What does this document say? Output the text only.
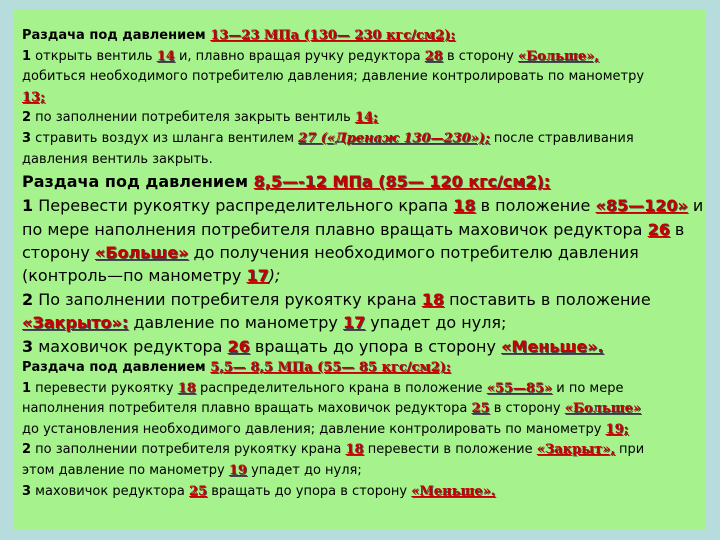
Раздача под давлением 13—23 МПа (130— 230 кгс/см2):
1 открыть вентиль 14 и, плавно вращая ручку редуктора 28 в сторону «Больше»,
добиться необходимого потребителю давления; давление контролировать по манометру
13;
2 по заполнении потребителя закрыть вентиль 14;
3 стравить воздух из шланга вентилем 27 («Дренаж 130—230»); после стравливания
давления вентиль закрыть.
Раздача под давлением 8,5—-12 МПа (85— 120 кгс/см2):
1 Перевести рукоятку распределительного крапа 18 в положение «85—120» и
по мере наполнения потребителя плавно вращать маховичок редуктора 26 в
сторону «Больше» до получения необходимого потребителю давления
(контроль—по манометру 17);
2 По заполнении потребителя рукоятку крана 18 поставить в положение
«Закрыто»: давление по манометру 17 упадет до нуля;
3 маховичок редуктора 26 вращать до упора в сторону «Меньше».
Раздача под давлением 5,5— 8,5 МПа (55— 85 кгс/см2):
1 перевести рукоятку 18 распределительного крана в положение «55—85» и по мере
наполнения потребителя плавно вращать маховичок редуктора 25 в сторону «Больше»
до установления необходимого давления; давление контролировать по манометру 19;
2 по заполнении потребителя рукоятку крана 18 перевести в положение «Закрыт», при
этом давление по манометру 19 упадет до нуля;
3 маховичок редуктора 25 вращать до упора в сторону «Меньше».
